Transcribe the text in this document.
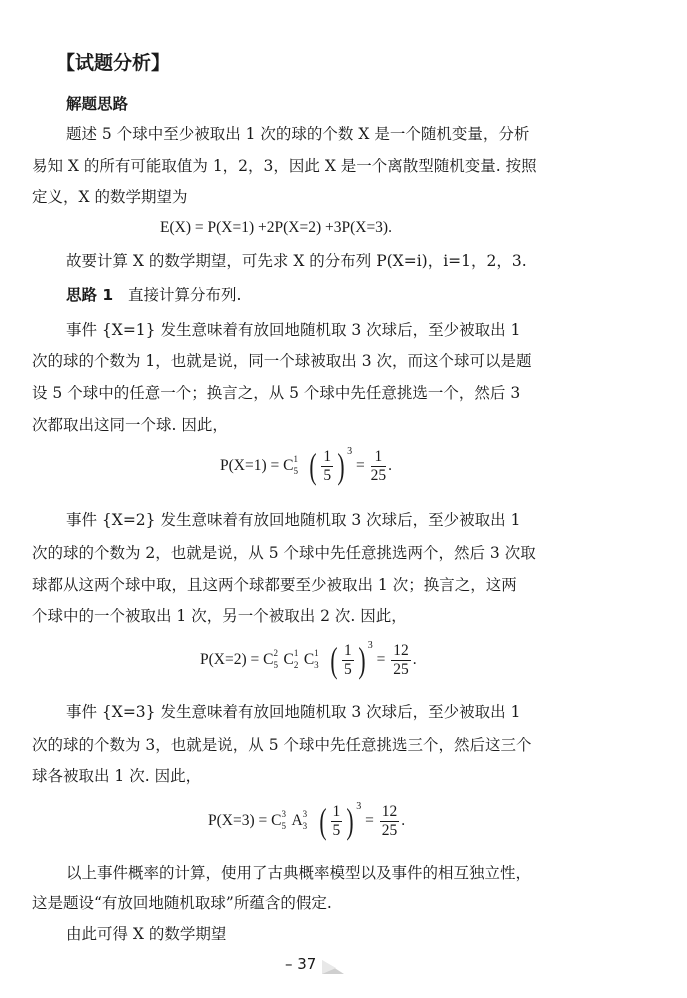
【试题分析】
解题思路
题述 5 个球中至少被取出 1 次的球的个数 X 是一个随机变量，分析
易知 X 的所有可能取值为 1，2，3，因此 X 是一个离散型随机变量. 按照
定义，X 的数学期望为
E(X) = P(X=1) +2P(X=2) +3P(X=3).
故要计算 X 的数学期望，可先求 X 的分布列 P(X=i)，i=1，2，3.
思路 1 直接计算分布列.
事件 {X=1} 发生意味着有放回地随机取 3 次球后，至少被取出 1
次的球的个数为 1，也就是说，同一个球被取出 3 次，而这个球可以是题
设 5 个球中的任意一个；换言之，从 5 个球中先任意挑选一个，然后 3
次都取出这同一个球. 因此，
P(X=1) = C 1
5 ( $\frac{1}{5}$ ) $^3 = \frac{1}{25}$ .
事件 {X=2} 发生意味着有放回地随机取 3 次球后，至少被取出 1
次的球的个数为 2，也就是说，从 5 个球中先任意挑选两个，然后 3 次取
球都从这两个球中取，且这两个球都要至少被取出 1 次；换言之，这两
个球中的一个被取出 1 次，另一个被取出 2 次. 因此，
P(X=2) = C 2
5 C 1
2 C 1
3 ( $\frac{1}{5}$ ) $^3 = \frac{12}{25}$ .
事件 {X=3} 发生意味着有放回地随机取 3 次球后，至少被取出 1
次的球的个数为 3，也就是说，从 5 个球中先任意挑选三个，然后这三个
球各被取出 1 次. 因此，
P(X=3) = C 3
5 A 3
3 ( $\frac{1}{5}$ ) $^3 = \frac{12}{25}$ .
以上事件概率的计算，使用了古典概率模型以及事件的相互独立性，
这是题设“有放回地随机取球”所蕴含的假定.
由此可得 X 的数学期望
– 37
